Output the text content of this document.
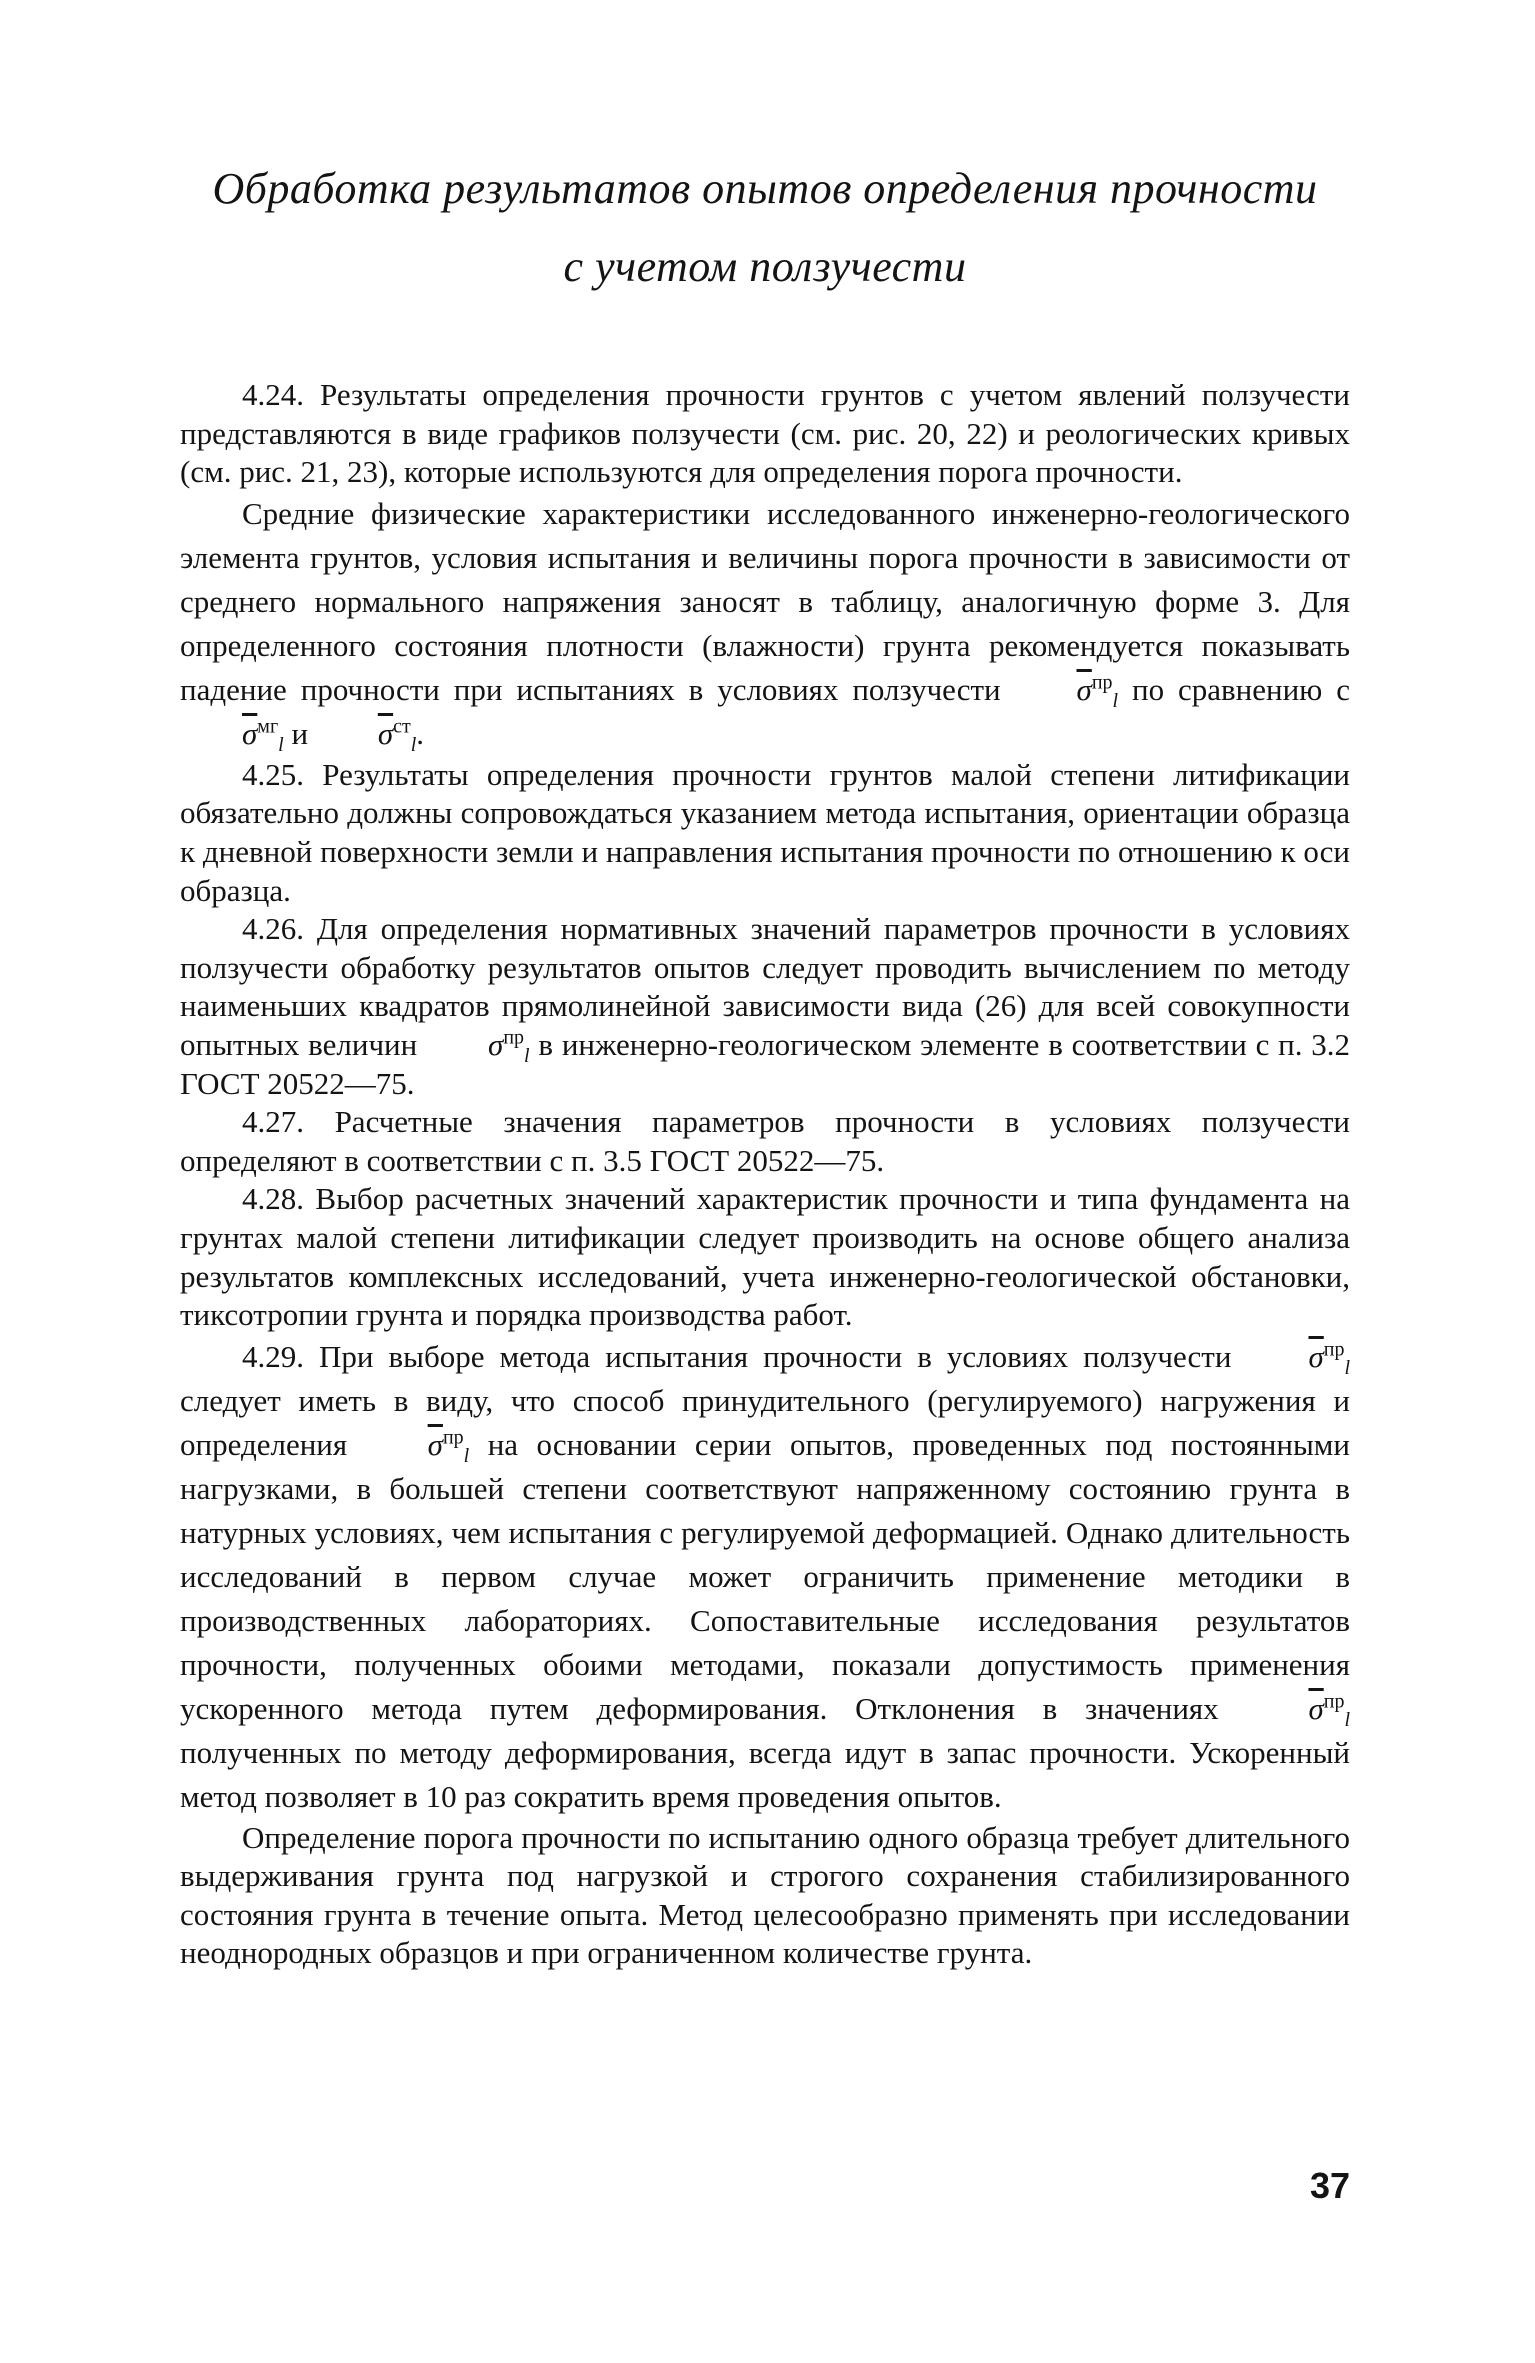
Обработка результатов опытов определения прочности
с учетом ползучести

4.24. Результаты определения прочности грунтов с учетом явлений ползучести представляются в виде графиков ползучести (см. рис. 20, 22) и реологических кривых (см. рис. 21, 23), которые используются для определения порога прочности.

Средние физические характеристики исследованного инженерно-геологического элемента грунтов, условия испытания и величины порога прочности в зависимости от среднего нормального напряжения заносят в таблицу, аналогичную форме 3. Для определенного состояния плотности (влажности) грунта рекомендуется показывать падение прочности при испытаниях в условиях ползучести $\overline{\sigma}^{пр}_l$ по сравнению с $\overline{\sigma}^{мг}_l$ и $\overline{\sigma}^{ст}_l$.

4.25. Результаты определения прочности грунтов малой степени литификации обязательно должны сопровождаться указанием метода испытания, ориентации образца к дневной поверхности земли и направления испытания прочности по отношению к оси образца.

4.26. Для определения нормативных значений параметров прочности в условиях ползучести обработку результатов опытов следует проводить вычислением по методу наименьших квадратов прямолинейной зависимости вида (26) для всей совокупности опытных величин $\sigma^{пр}_l$ в инженерно-геологическом элементе в соответствии с п. 3.2 ГОСТ 20522—75.

4.27. Расчетные значения параметров прочности в условиях ползучести определяют в соответствии с п. 3.5 ГОСТ 20522—75.

4.28. Выбор расчетных значений характеристик прочности и типа фундамента на грунтах малой степени литификации следует производить на основе общего анализа результатов комплексных исследований, учета инженерно-геологической обстановки, тиксотропии грунта и порядка производства работ.

4.29. При выборе метода испытания прочности в условиях ползучести $\overline{\sigma}^{пр}_l$ следует иметь в виду, что способ принудительного (регулируемого) нагружения и определения	$\overline{\sigma}^{пр}_l$ на основании серии опытов, проведенных под постоянными нагрузками, в большей степени соответствуют напряженному состоянию грунта в натурных условиях, чем испытания с регулируемой деформацией. Однако длительность исследований в первом случае может ограничить применение методики в производственных лабораториях. Сопоставительные исследования результатов прочности, полученных обоими методами, показали допустимость применения ускоренного метода путем деформирования. Отклонения в значениях	$\overline{\sigma}^{пр}_l$ полученных по методу деформирования, всегда идут в запас прочности. Ускоренный метод позволяет в 10 раз сократить время проведения опытов.

Определение порога прочности по испытанию одного образца требует длительного выдерживания грунта под нагрузкой и строгого сохранения стабилизированного состояния грунта в течение опыта. Метод целесообразно применять при исследовании неоднородных образцов и при ограниченном количестве грунта.

37
